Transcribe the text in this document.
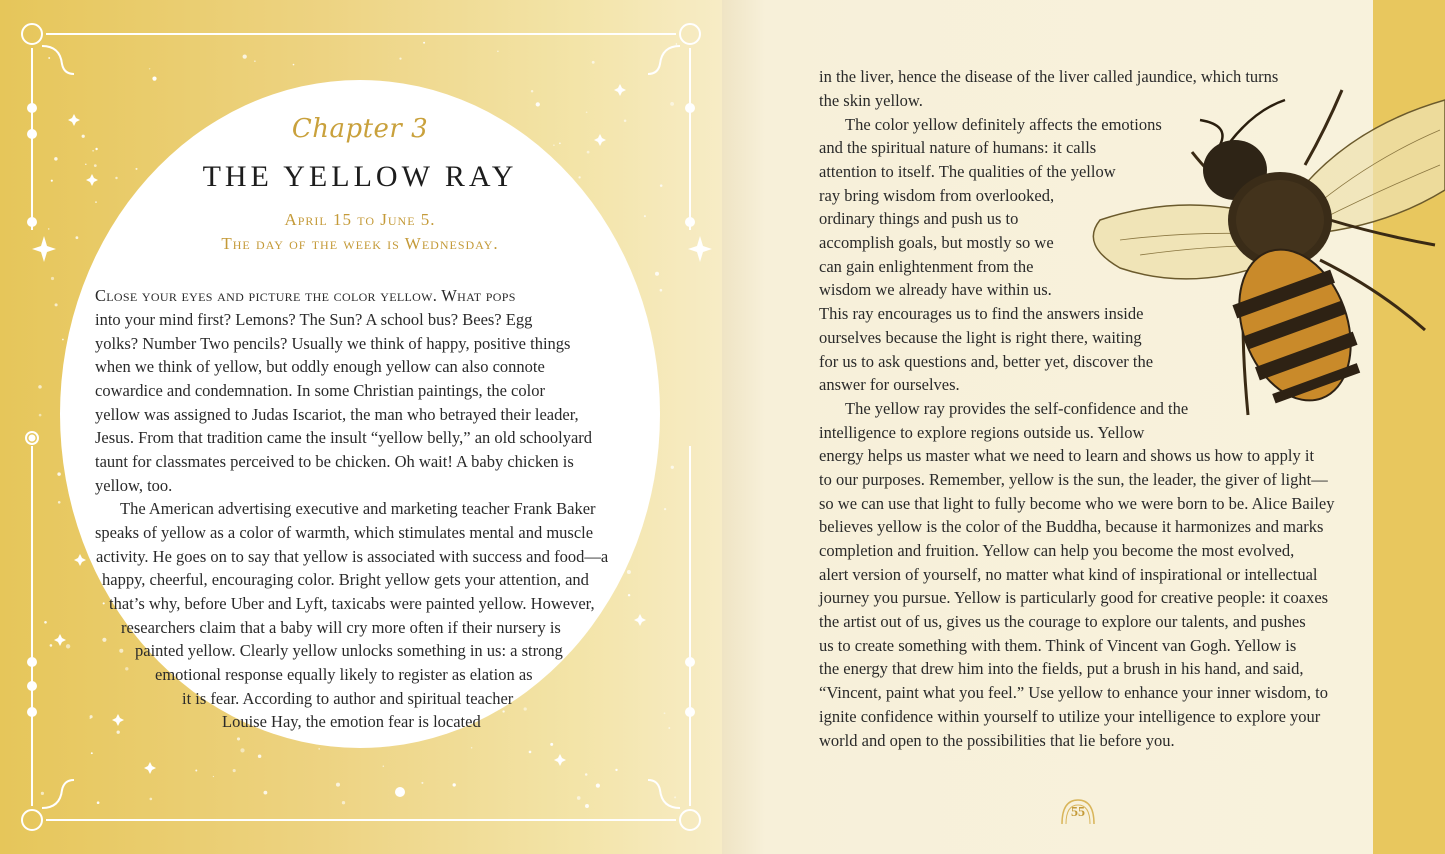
Chapter 3
THE YELLOW RAY
April 15 to June 5.
The day of the week is Wednesday.
Close your eyes and picture the color yellow. What pops
into your mind first? Lemons? The Sun? A school bus? Bees? Egg
yolks? Number Two pencils? Usually we think of happy, positive things
when we think of yellow, but oddly enough yellow can also connote
cowardice and condemnation. In some Christian paintings, the color
yellow was assigned to Judas Iscariot, the man who betrayed their leader,
Jesus. From that tradition came the insult “yellow belly,” an old schoolyard
taunt for classmates perceived to be chicken. Oh wait! A baby chicken is
yellow, too.
The American advertising executive and marketing teacher Frank Baker
speaks of yellow as a color of warmth, which stimulates mental and muscle
activity. He goes on to say that yellow is associated with success and food—a
happy, cheerful, encouraging color. Bright yellow gets your attention, and
that’s why, before Uber and Lyft, taxicabs were painted yellow. However,
researchers claim that a baby will cry more often if their nursery is
painted yellow. Clearly yellow unlocks something in us: a strong
emotional response equally likely to register as elation as
it is fear. According to author and spiritual teacher
Louise Hay, the emotion fear is located
in the liver, hence the disease of the liver called jaundice, which turns
the skin yellow.
The color yellow definitely affects the emotions
and the spiritual nature of humans: it calls
attention to itself. The qualities of the yellow
ray bring wisdom from overlooked,
ordinary things and push us to
accomplish goals, but mostly so we
can gain enlightenment from the
wisdom we already have within us.
This ray encourages us to find the answers inside
ourselves because the light is right there, waiting
for us to ask questions and, better yet, discover the
answer for ourselves.
The yellow ray provides the self-confidence and the
intelligence to explore regions outside us. Yellow
energy helps us master what we need to learn and shows us how to apply it
to our purposes. Remember, yellow is the sun, the leader, the giver of light—
so we can use that light to fully become who we were born to be. Alice Bailey
believes yellow is the color of the Buddha, because it harmonizes and marks
completion and fruition. Yellow can help you become the most evolved,
alert version of yourself, no matter what kind of inspirational or intellectual
journey you pursue. Yellow is particularly good for creative people: it coaxes
the artist out of us, gives us the courage to explore our talents, and pushes
us to create something with them. Think of Vincent van Gogh. Yellow is
the energy that drew him into the fields, put a brush in his hand, and said,
“Vincent, paint what you feel.” Use yellow to enhance your inner wisdom, to
ignite confidence within yourself to utilize your intelligence to explore your
world and open to the possibilities that lie before you.
55
